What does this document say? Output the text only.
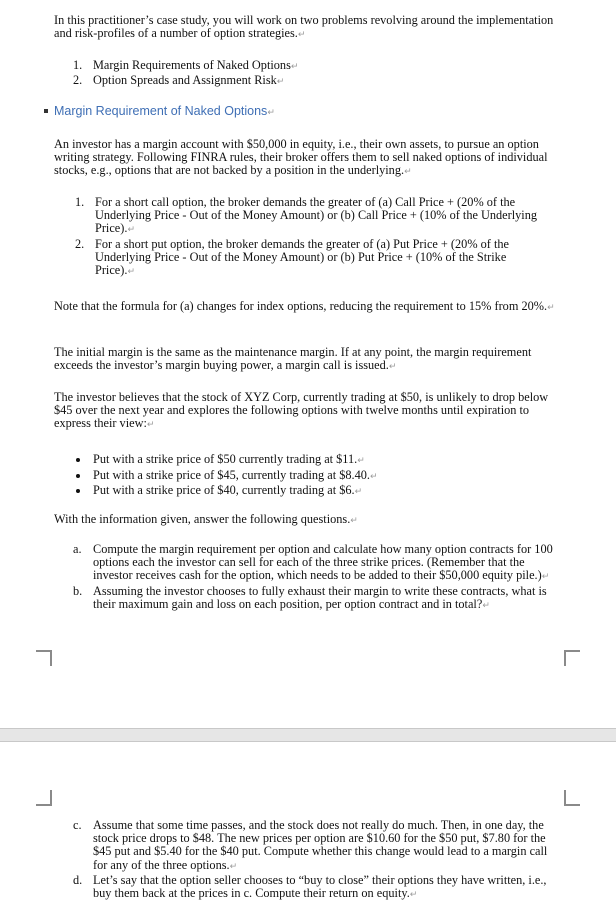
In this practitioner’s case study, you will work on two problems revolving around the implementation and risk-profiles of a number of option strategies.↵

1. Margin Requirements of Naked Options↵
2. Option Spreads and Assignment Risk↵
Margin Requirement of Naked Options↵

An investor has a margin account with $50,000 in equity, i.e., their own assets, to pursue an option writing strategy. Following FINRA rules, their broker offers them to sell naked options of individual stocks, e.g., options that are not backed by a position in the underlying.↵

1. For a short call option, the broker demands the greater of (a) Call Price + (20% of the Underlying Price - Out of the Money Amount) or (b) Call Price + (10% of the Underlying Price).↵
2. For a short put option, the broker demands the greater of (a) Put Price + (20% of the Underlying Price - Out of the Money Amount) or (b) Put Price + (10% of the Strike Price).↵

Note that the formula for (a) changes for index options, reducing the requirement to 15% from 20%.↵

The initial margin is the same as the maintenance margin. If at any point, the margin requirement exceeds the investor’s margin buying power, a margin call is issued.↵

The investor believes that the stock of XYZ Corp, currently trading at $50, is unlikely to drop below $45 over the next year and explores the following options with twelve months until expiration to express their view:↵

Put with a strike price of $50 currently trading at $11.↵
Put with a strike price of $45, currently trading at $8.40.↵
Put with a strike price of $40, currently trading at $6.↵

With the information given, answer the following questions.↵

a. Compute the margin requirement per option and calculate how many option contracts for 100 options each the investor can sell for each of the three strike prices. (Remember that the investor receives cash for the option, which needs to be added to their $50,000 equity pile.)↵
b. Assuming the investor chooses to fully exhaust their margin to write these contracts, what is their maximum gain and loss on each position, per option contract and in total?↵
c. Assume that some time passes, and the stock does not really do much. Then, in one day, the stock price drops to $48. The new prices per option are $10.60 for the $50 put, $7.80 for the $45 put and $5.40 for the $40 put. Compute whether this change would lead to a margin call for any of the three options.↵
d. Let’s say that the option seller chooses to “buy to close” their options they have written, i.e., buy them back at the prices in c. Compute their return on equity.↵
